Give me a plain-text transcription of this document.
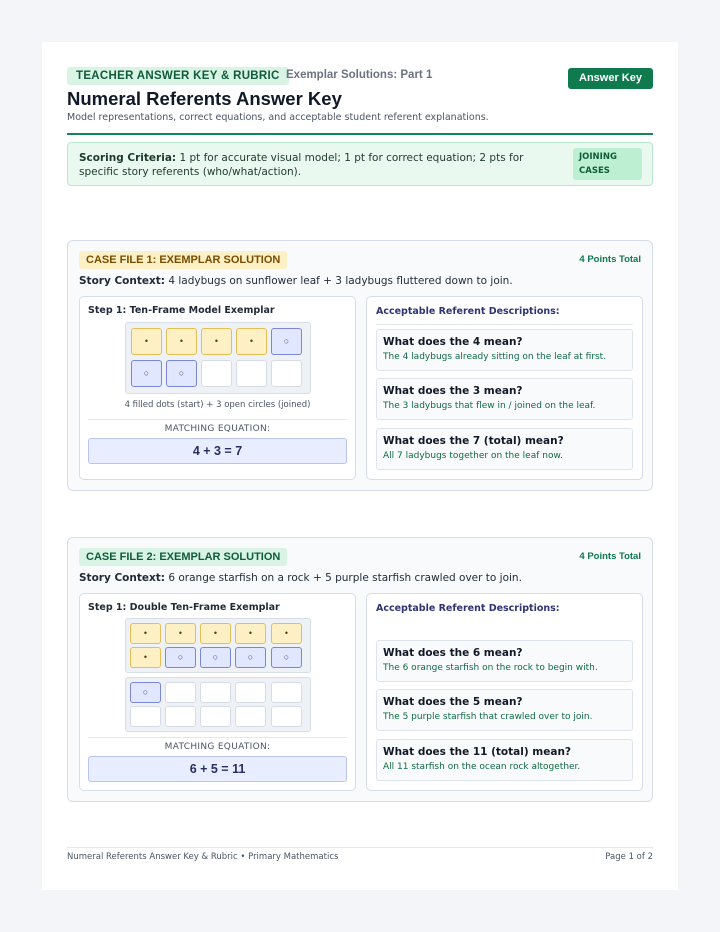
TEACHER ANSWER KEY & RUBRIC Exemplar Solutions: Part 1	Answer Key
Numeral Referents Answer Key
Model representations, correct equations, and acceptable student referent explanations.
Scoring Criteria: 1 pt for accurate visual model; 1 pt for correct equation; 2 pts for specific story referents (who/what/action).
JOINING
CASES
CASE FILE 1: EXEMPLAR SOLUTION	4 Points Total
Story Context: 4 ladybugs on sunflower leaf + 3 ladybugs fluttered down to join.
Step 1: Ten-Frame Model Exemplar
•	•	•	•	○
○	○
4 filled dots (start) + 3 open circles (joined)
MATCHING EQUATION:
4 + 3 = 7
Acceptable Referent Descriptions:
What does the 4 mean?
The 4 ladybugs already sitting on the leaf at first.
What does the 3 mean?
The 3 ladybugs that flew in / joined on the leaf.
What does the 7 (total) mean?
All 7 ladybugs together on the leaf now.
CASE FILE 2: EXEMPLAR SOLUTION	4 Points Total
Story Context: 6 orange starfish on a rock + 5 purple starfish crawled over to join.
Step 1: Double Ten-Frame Exemplar
•	•	•	•	•
•	○	○	○	○
○
MATCHING EQUATION:
6 + 5 = 11
Acceptable Referent Descriptions:
What does the 6 mean?
The 6 orange starfish on the rock to begin with.
What does the 5 mean?
The 5 purple starfish that crawled over to join.
What does the 11 (total) mean?
All 11 starfish on the ocean rock altogether.
Numeral Referents Answer Key & Rubric • Primary Mathematics	Page 1 of 2
